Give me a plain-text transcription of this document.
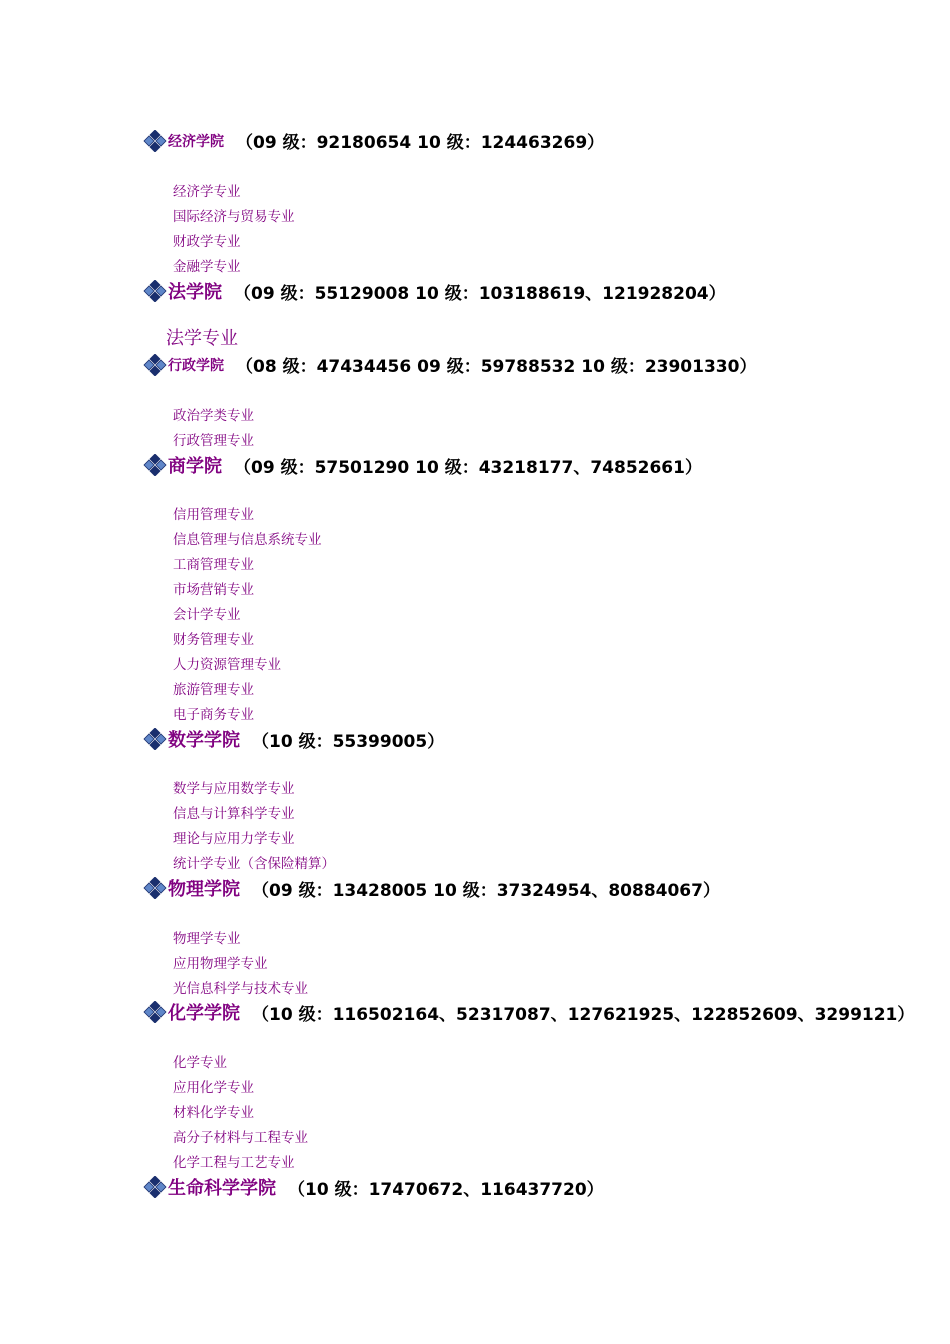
经济学院 （09 级：92180654 10 级：124463269）
经济学专业
国际经济与贸易专业
财政学专业
金融学专业
法学院 （09 级：55129008 10 级：103188619、121928204）
法学专业
行政学院 （08 级：47434456 09 级：59788532 10 级：23901330）
政治学类专业
行政管理专业
商学院 （09 级：57501290 10 级：43218177、74852661）
信用管理专业
信息管理与信息系统专业
工商管理专业
市场营销专业
会计学专业
财务管理专业
人力资源管理专业
旅游管理专业
电子商务专业
数学学院 （10 级：55399005）
数学与应用数学专业
信息与计算科学专业
理论与应用力学专业
统计学专业（含保险精算）
物理学院 （09 级：13428005 10 级：37324954、80884067）
物理学专业
应用物理学专业
光信息科学与技术专业
化学学院 （10 级：116502164、52317087、127621925、122852609、3299121）
化学专业
应用化学专业
材料化学专业
高分子材料与工程专业
化学工程与工艺专业
生命科学学院 （10 级：17470672、116437720）
